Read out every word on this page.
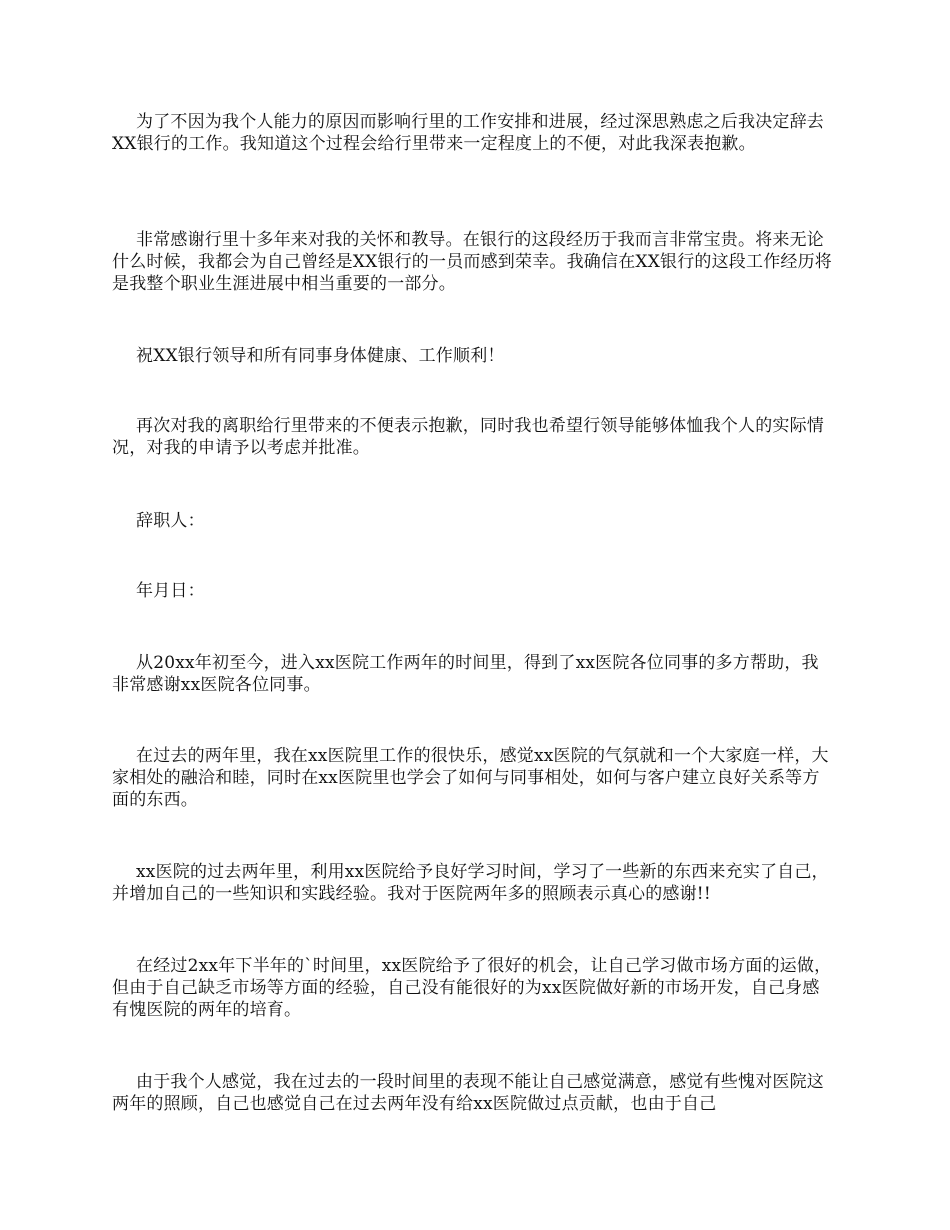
为了不因为我个人能力的原因而影响行里的工作安排和进展，经过深思熟虑之后我决定辞去XX银行的工作。我知道这个过程会给行里带来一定程度上的不便，对此我深表抱歉。

非常感谢行里十多年来对我的关怀和教导。在银行的这段经历于我而言非常宝贵。将来无论什么时候，我都会为自己曾经是XX银行的一员而感到荣幸。我确信在XX银行的这段工作经历将是我整个职业生涯进展中相当重要的一部分。

祝XX银行领导和所有同事身体健康、工作顺利！

再次对我的离职给行里带来的不便表示抱歉，同时我也希望行领导能够体恤我个人的实际情况，对我的申请予以考虑并批准。

辞职人：

年月日：

从20xx年初至今，进入xx医院工作两年的时间里，得到了xx医院各位同事的多方帮助，我非常感谢xx医院各位同事。

在过去的两年里，我在xx医院里工作的很快乐，感觉xx医院的气氛就和一个大家庭一样，大家相处的融洽和睦，同时在xx医院里也学会了如何与同事相处，如何与客户建立良好关系等方面的东西。

xx医院的过去两年里，利用xx医院给予良好学习时间，学习了一些新的东西来充实了自己，并增加自己的一些知识和实践经验。我对于医院两年多的照顾表示真心的感谢!!

在经过2xx年下半年的`时间里，xx医院给予了很好的机会，让自己学习做市场方面的运做，但由于自己缺乏市场等方面的经验，自己没有能很好的为xx医院做好新的市场开发，自己身感有愧医院的两年的培育。

由于我个人感觉，我在过去的一段时间里的表现不能让自己感觉满意，感觉有些愧对医院这两年的照顾，自己也感觉自己在过去两年没有给xx医院做过点贡献，也由于自己
